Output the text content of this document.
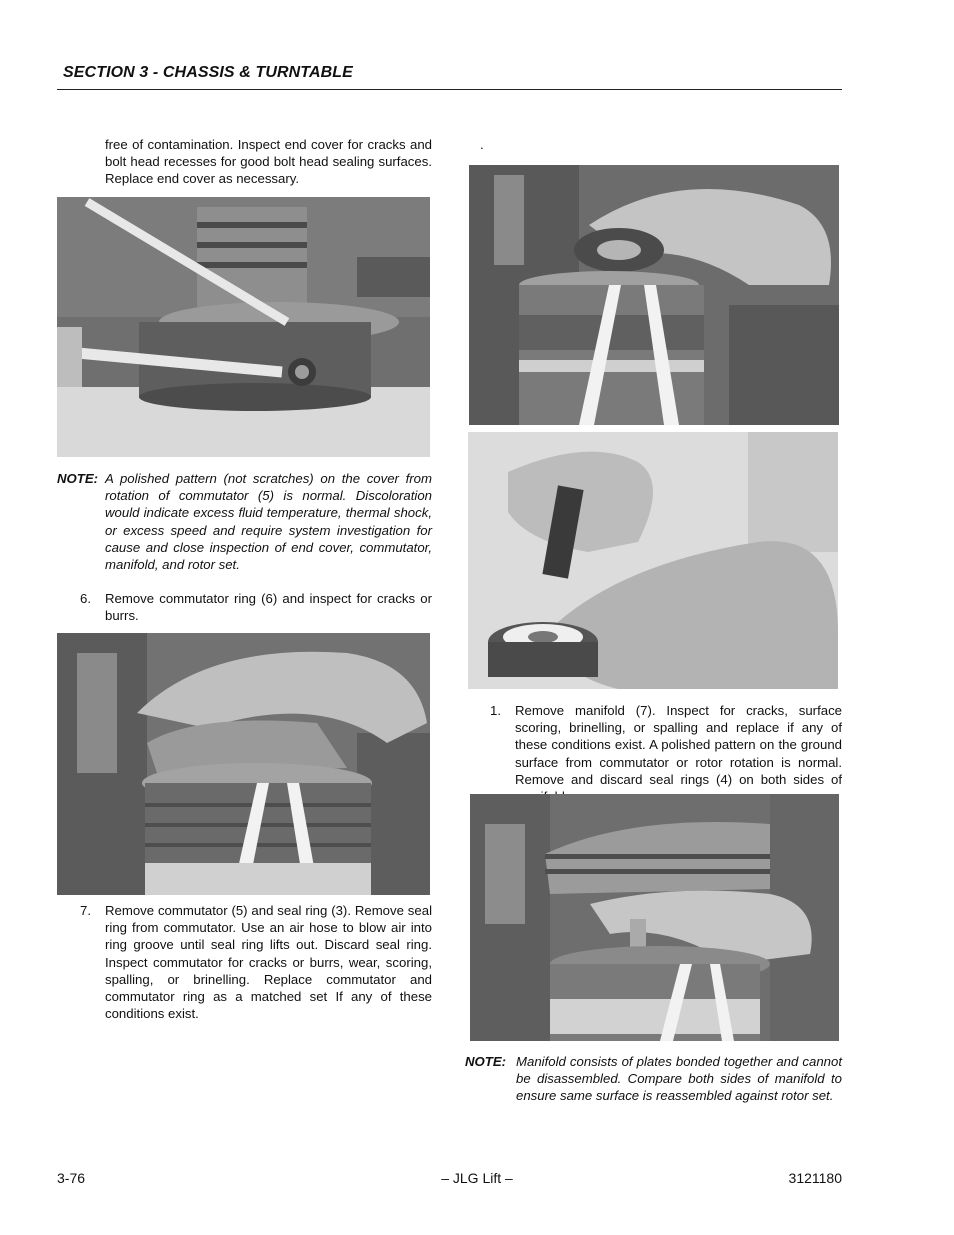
SECTION 3 - CHASSIS & TURNTABLE
free of contamination. Inspect end cover for cracks and bolt head recesses for good bolt head sealing surfaces. Replace end cover as necessary.
NOTE: A polished pattern (not scratches) on the cover from rotation of commutator (5) is normal. Discoloration would indicate excess fluid temperature, thermal shock, or excess speed and require system investigation for cause and close inspection of end cover, commutator, manifold, and rotor set.
6. Remove commutator ring (6) and inspect for cracks or burrs.
7. Remove commutator (5) and seal ring (3). Remove seal ring from commutator. Use an air hose to blow air into ring groove until seal ring lifts out. Discard seal ring. Inspect commutator for cracks or burrs, wear, scoring, spalling, or brinelling. Replace commutator and commutator ring as a matched set If any of these conditions exist.
.
1. Remove manifold (7). Inspect for cracks, surface scoring, brinelling, or spalling and replace if any of these conditions exist. A polished pattern on the ground surface from commutator or rotor rotation is normal. Remove and discard seal rings (4) on both sides of
NOTE: Manifold consists of plates bonded together and cannot be disassembled. Compare both sides of manifold to ensure same surface is reassembled against rotor set.
3-76	– JLG Lift –	3121180
